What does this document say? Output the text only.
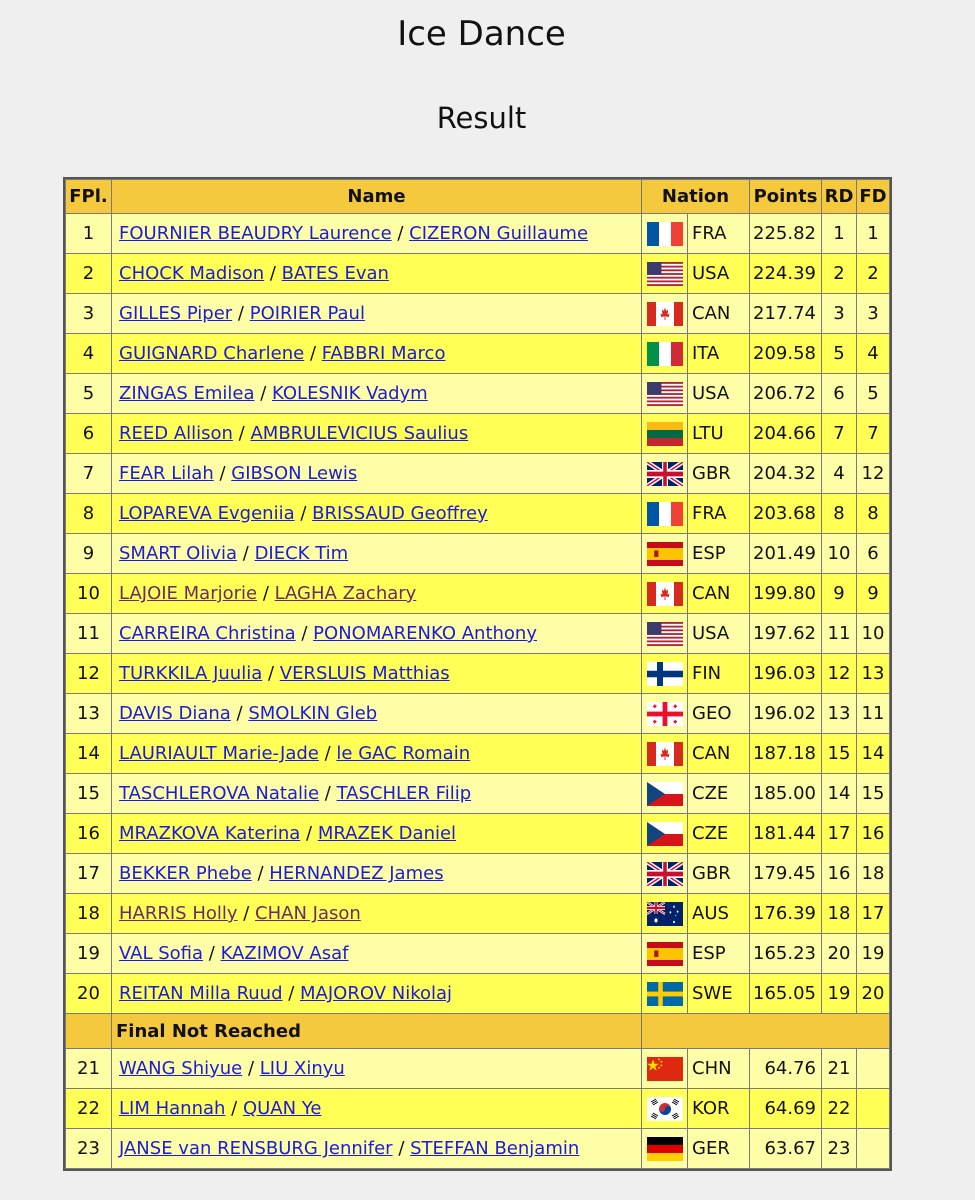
Ice Dance
Result
FPl.	Name	Nation		Points	RD	FD
1	FOURNIER BEAUDRY Laurence / CIZERON Guillaume		FRA	225.82	1	1
2	CHOCK Madison / BATES Evan		USA	224.39	2	2
3	GILLES Piper / POIRIER Paul		CAN	217.74	3	3
4	GUIGNARD Charlene / FABBRI Marco		ITA	209.58	5	4
5	ZINGAS Emilea / KOLESNIK Vadym		USA	206.72	6	5
6	REED Allison / AMBRULEVICIUS Saulius		LTU	204.66	7	7
7	FEAR Lilah / GIBSON Lewis		GBR	204.32	4	12
8	LOPAREVA Evgeniia / BRISSAUD Geoffrey		FRA	203.68	8	8
9	SMART Olivia / DIECK Tim		ESP	201.49	10	6
10	LAJOIE Marjorie / LAGHA Zachary		CAN	199.80	9	9
11	CARREIRA Christina / PONOMARENKO Anthony		USA	197.62	11	10
12	TURKKILA Juulia / VERSLUIS Matthias		FIN	196.03	12	13
13	DAVIS Diana / SMOLKIN Gleb		GEO	196.02	13	11
14	LAURIAULT Marie-Jade / le GAC Romain		CAN	187.18	15	14
15	TASCHLEROVA Natalie / TASCHLER Filip		CZE	185.00	14	15
16	MRAZKOVA Katerina / MRAZEK Daniel		CZE	181.44	17	16
17	BEKKER Phebe / HERNANDEZ James		GBR	179.45	16	18
18	HARRIS Holly / CHAN Jason		AUS	176.39	18	17
19	VAL Sofia / KAZIMOV Asaf		ESP	165.23	20	19
20	REITAN Milla Ruud / MAJOROV Nikolaj		SWE	165.05	19	20
	Final Not Reached					
21	WANG Shiyue / LIU Xinyu		CHN	64.76	21	
22	LIM Hannah / QUAN Ye		KOR	64.69	22	
23	JANSE van RENSBURG Jennifer / STEFFAN Benjamin		GER	63.67	23	
